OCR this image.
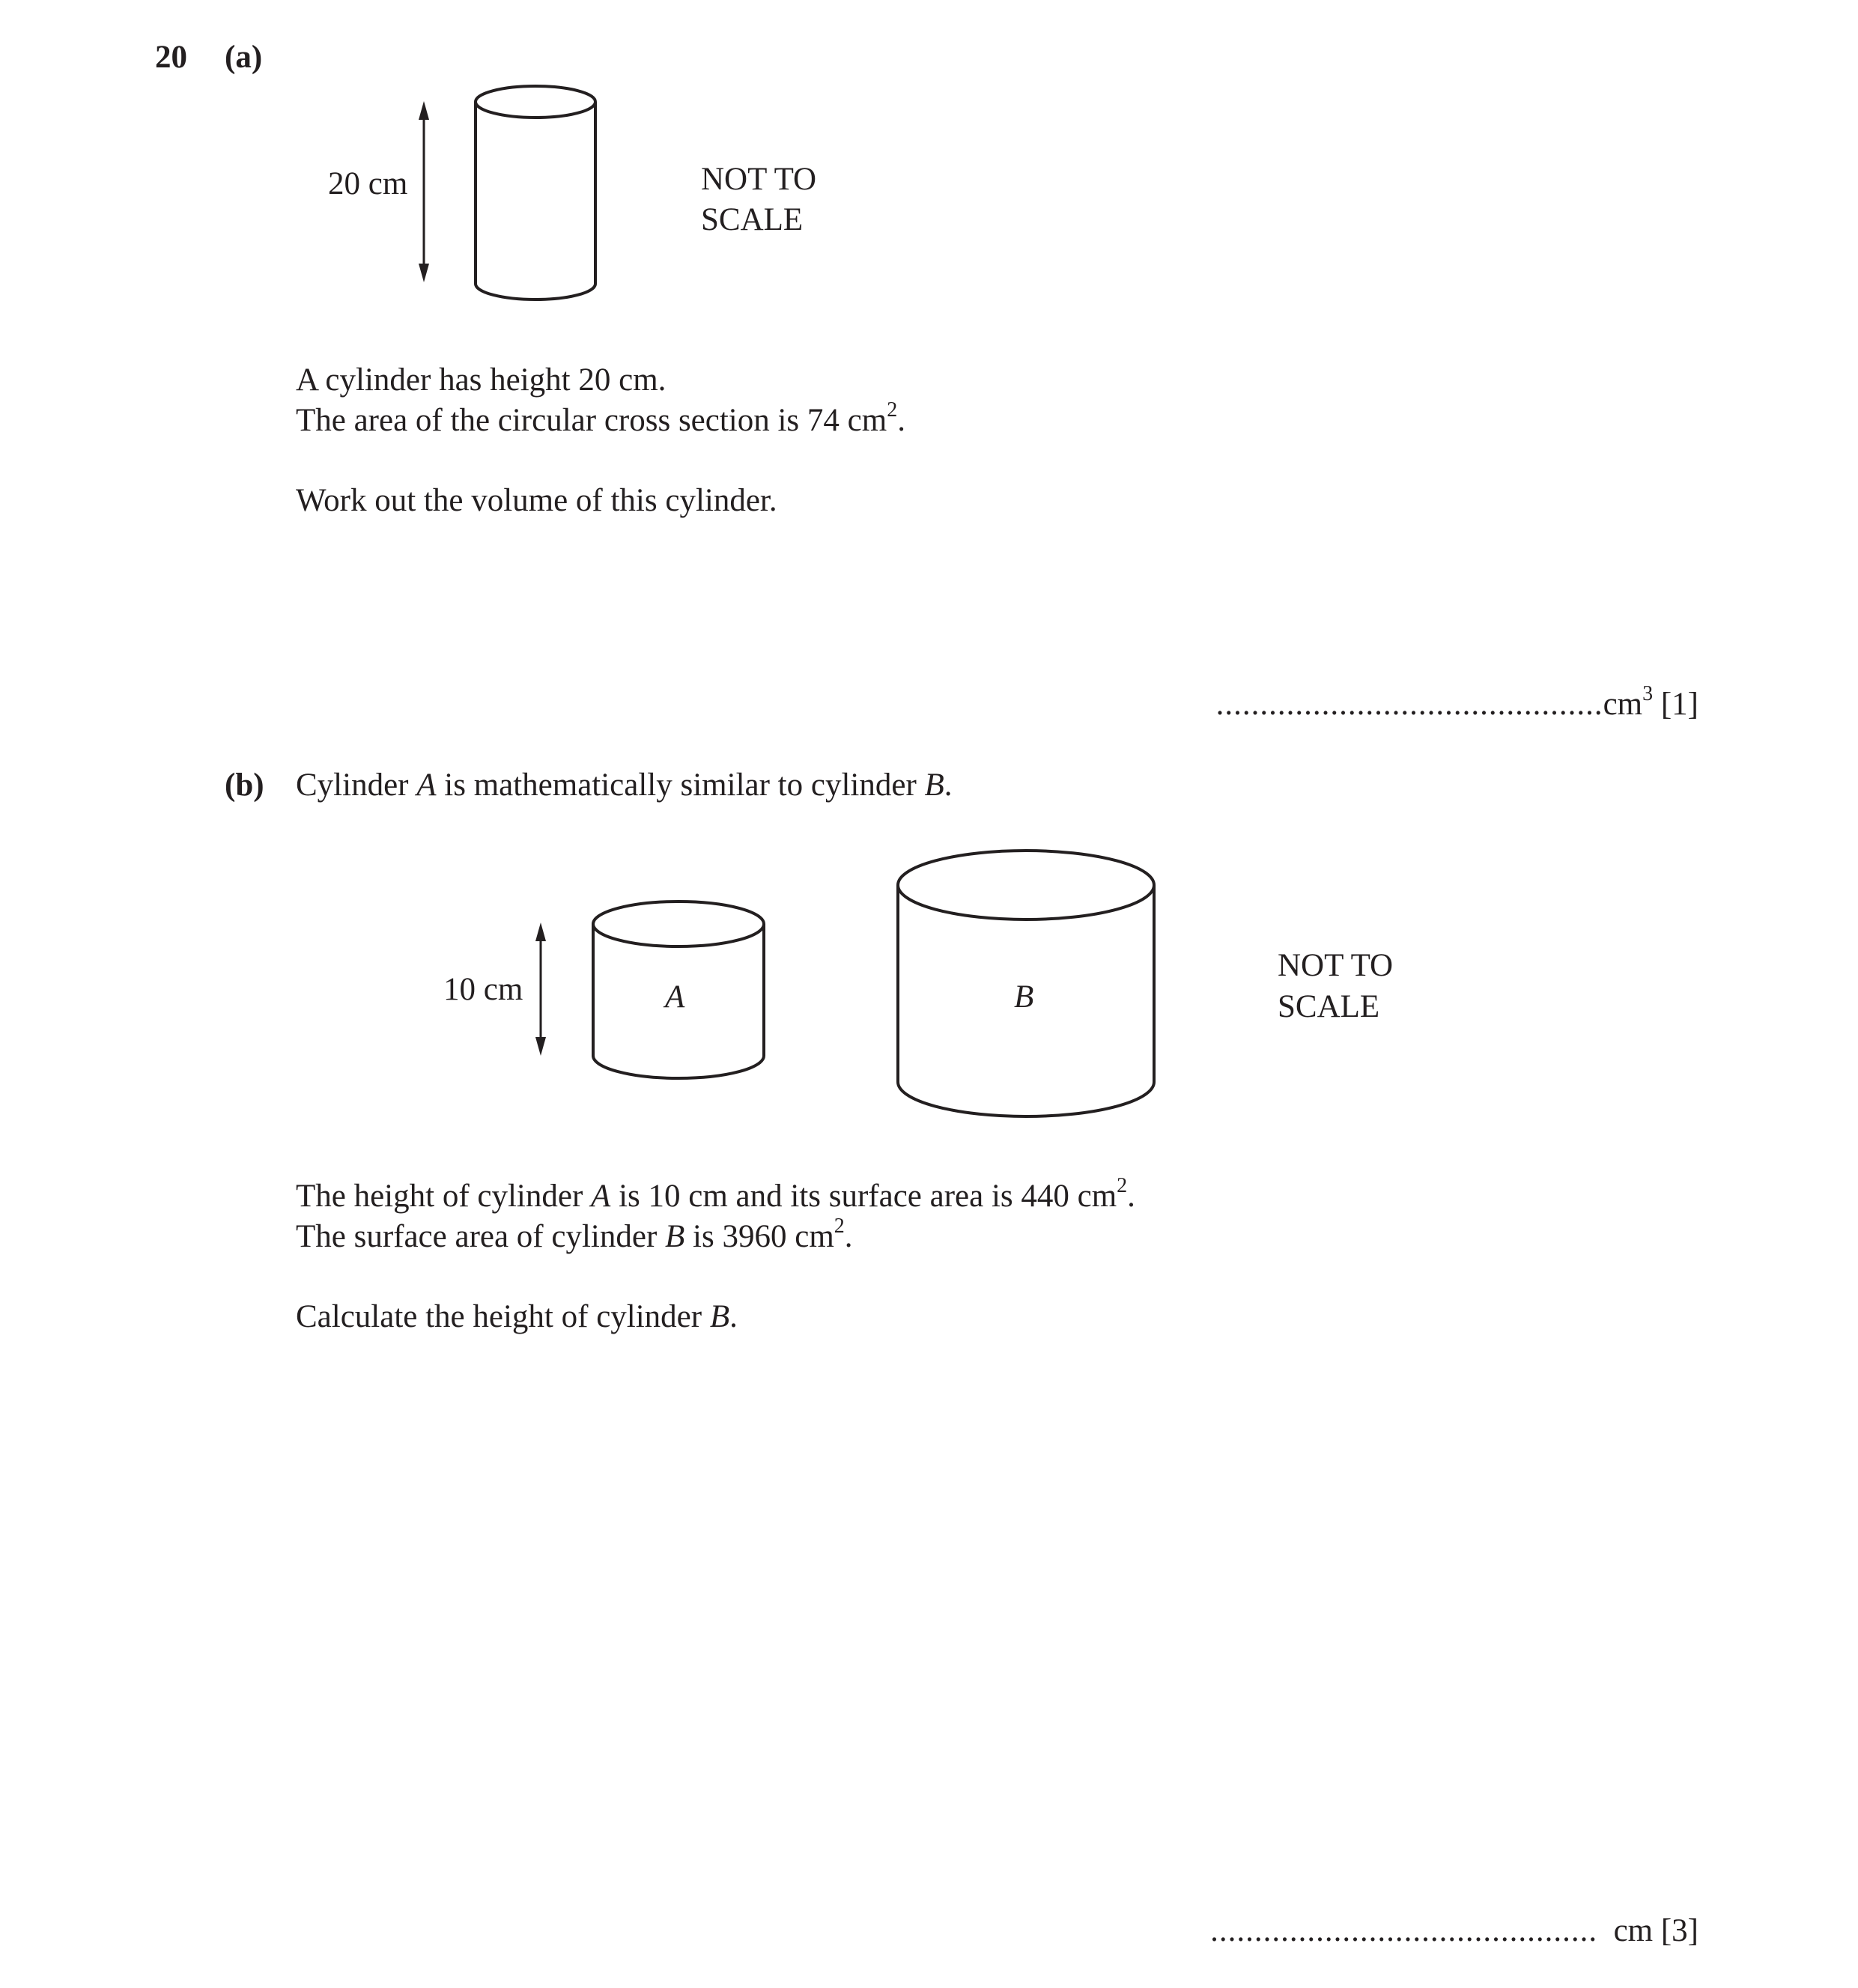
20 (a)
20 cm	NOT TO
SCALE
A cylinder has height 20 cm.
The area of the circular cross section is 74 $cm^2$.
Work out the volume of this cylinder.
$............................................cm^3$ [1]
(b) Cylinder A is mathematically similar to cylinder B.
10 cm	A	B
NOT TO
SCALE
The height of cylinder A is 10 cm and its surface area is 440 $cm^2$.
The surface area of cylinder B is 3960 $cm^2$.
Calculate the height of cylinder B.
............................................ cm [3]
